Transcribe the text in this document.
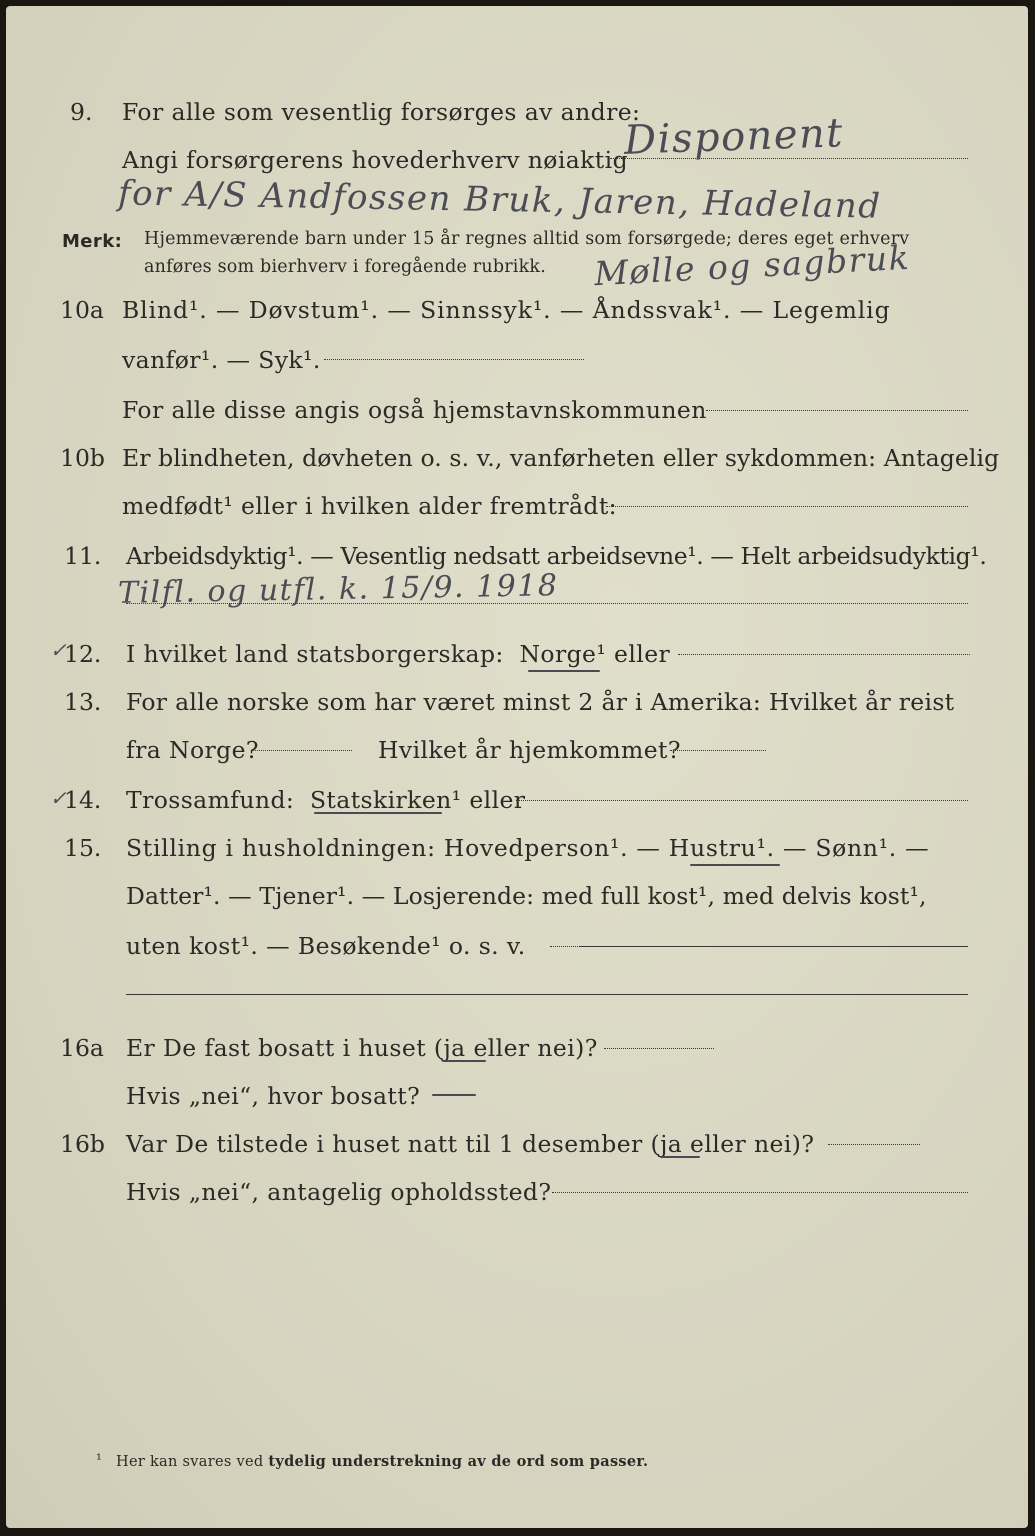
9. For alle som vesentlig forsørges av andre:
Angi forsørgerens hovederhverv nøiaktig
Disponent
for A/S Andfossen Bruk, Jaren, Hadeland
Merk: Hjemmeværende barn under 15 år regnes alltid som forsørgede; deres eget erhverv
anføres som bierhverv i foregående rubrikk. Mølle og sagbruk
10a Blind¹. — Døvstum¹. — Sinnssyk¹. — Åndssvak¹. — Legemlig
vanfør¹. — Syk¹.
For alle disse angis også hjemstavnskommunen
10b Er blindheten, døvheten o. s. v., vanførheten eller sykdommen: Antagelig
medfødt¹ eller i hvilken alder fremtrådt:
11. Arbeidsdyktig¹. — Vesentlig nedsatt arbeidsevne¹. — Helt arbeidsudyktig¹.
Tilfl. og utfl. k. 15/9. 1918
✓
12. I hvilket land statsborgerskap:  Norge¹ eller
13. For alle norske som har været minst 2 år i Amerika: Hvilket år reist
fra Norge?	Hvilket år hjemkommet?
✓
14. Trossamfund:  Statskirken¹ eller
15. Stilling i husholdningen: Hovedperson¹. — Hustru¹. — Sønn¹. —
Datter¹. — Tjener¹. — Losjerende: med full kost¹, med delvis kost¹,
uten kost¹. — Besøkende¹ o. s. v.
16a Er De fast bosatt i huset (ja eller nei)?
Hvis „nei“, hvor bosatt?
16b Var De tilstede i huset natt til 1 desember (ja eller nei)?
Hvis „nei“, antagelig opholdssted?
¹ Her kan svares ved tydelig understrekning av de ord som passer.
